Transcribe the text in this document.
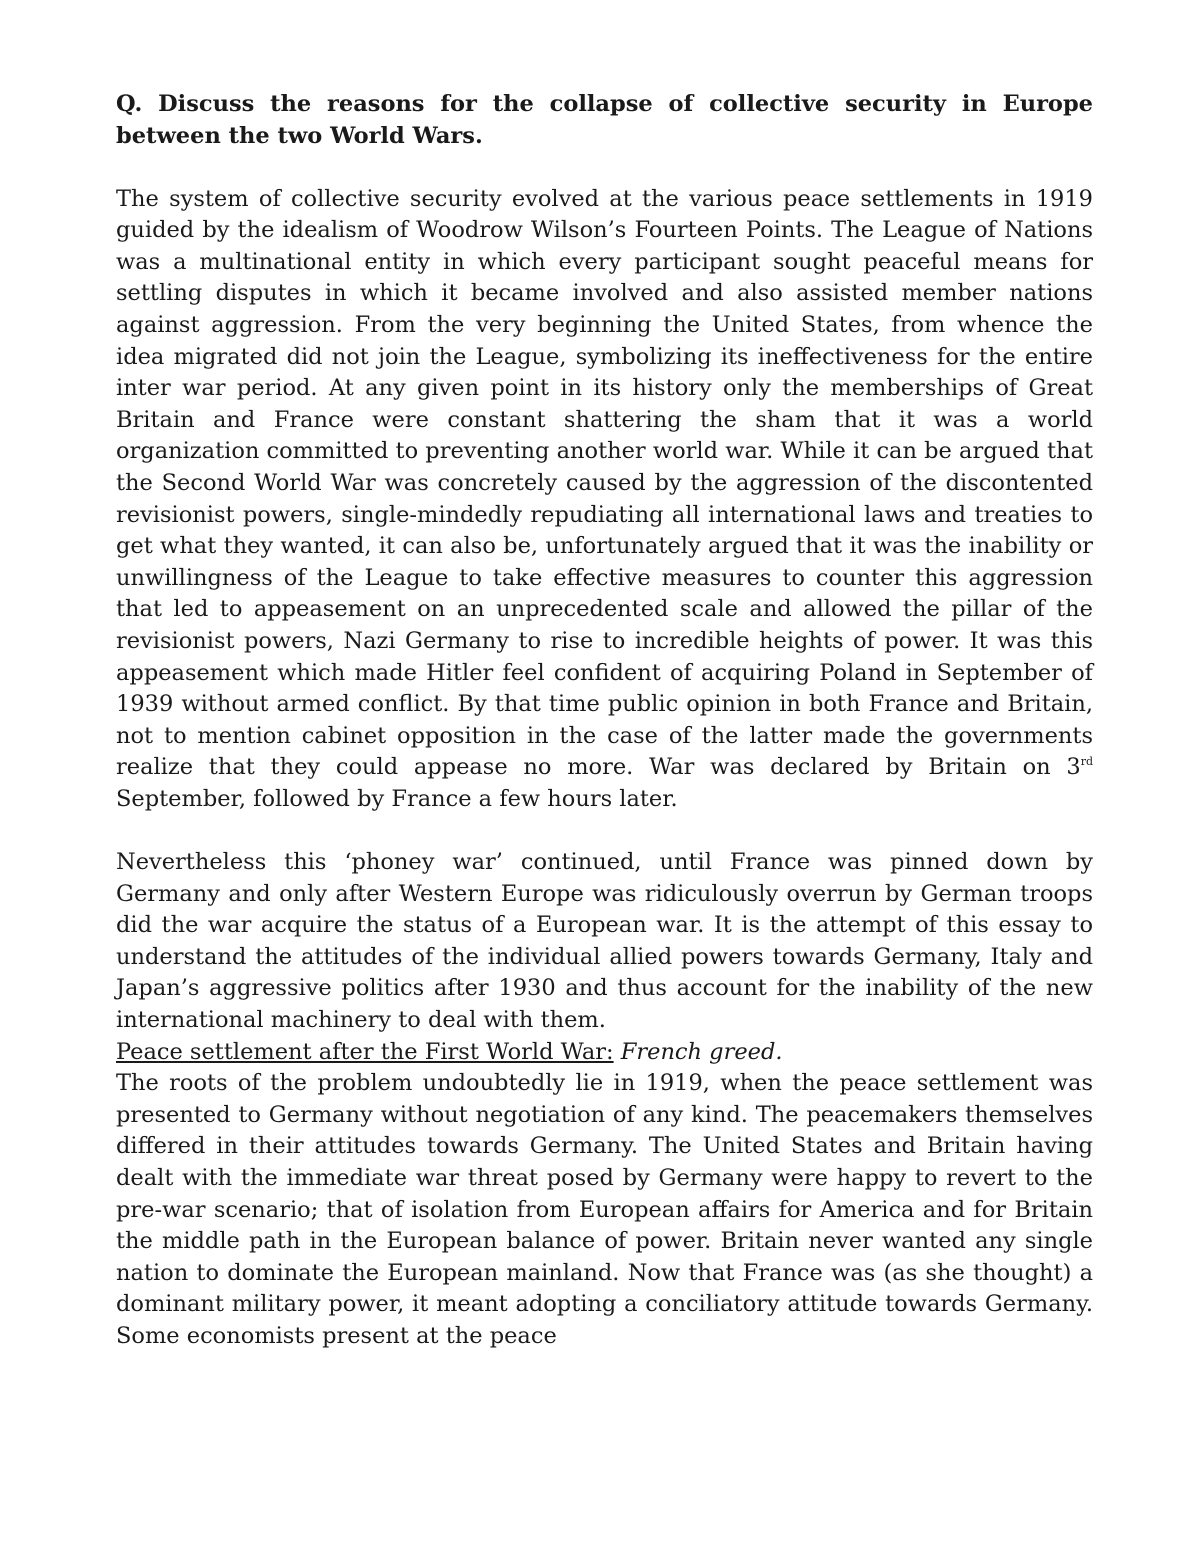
Q. Discuss the reasons for the collapse of collective security in Europe between the two World Wars.

The system of collective security evolved at the various peace settlements in 1919 guided by the idealism of Woodrow Wilson’s Fourteen Points. The League of Nations was a multinational entity in which every participant sought peaceful means for settling disputes in which it became involved and also assisted member nations against aggression. From the very beginning the United States, from whence the idea migrated did not join the League, symbolizing its ineffectiveness for the entire inter war period. At any given point in its history only the memberships of Great Britain and France were constant shattering the sham that it was a world organization committed to preventing another world war. While it can be argued that the Second World War was concretely caused by the aggression of the discontented revisionist powers, single-mindedly repudiating all international laws and treaties to get what they wanted, it can also be, unfortunately argued that it was the inability or unwillingness of the League to take effective measures to counter this aggression that led to appeasement on an unprecedented scale and allowed the pillar of the revisionist powers, Nazi Germany to rise to incredible heights of power. It was this appeasement which made Hitler feel confident of acquiring Poland in September of 1939 without armed conflict. By that time public opinion in both France and Britain, not to mention cabinet opposition in the case of the latter made the governments realize that they could appease no more. War was declared by Britain on 3rd September, followed by France a few hours later.

Nevertheless this ‘phoney war’ continued, until France was pinned down by Germany and only after Western Europe was ridiculously overrun by German troops did the war acquire the status of a European war. It is the attempt of this essay to understand the attitudes of the individual allied powers towards Germany, Italy and Japan’s aggressive politics after 1930 and thus account for the inability of the new international machinery to deal with them.

Peace settlement after the First World War: French greed.

The roots of the problem undoubtedly lie in 1919, when the peace settlement was presented to Germany without negotiation of any kind. The peacemakers themselves differed in their attitudes towards Germany. The United States and Britain having dealt with the immediate war threat posed by Germany were happy to revert to the pre-war scenario; that of isolation from European affairs for America and for Britain the middle path in the European balance of power. Britain never wanted any single nation to dominate the European mainland. Now that France was (as she thought) a dominant military power, it meant adopting a conciliatory attitude towards Germany. Some economists present at the peace
